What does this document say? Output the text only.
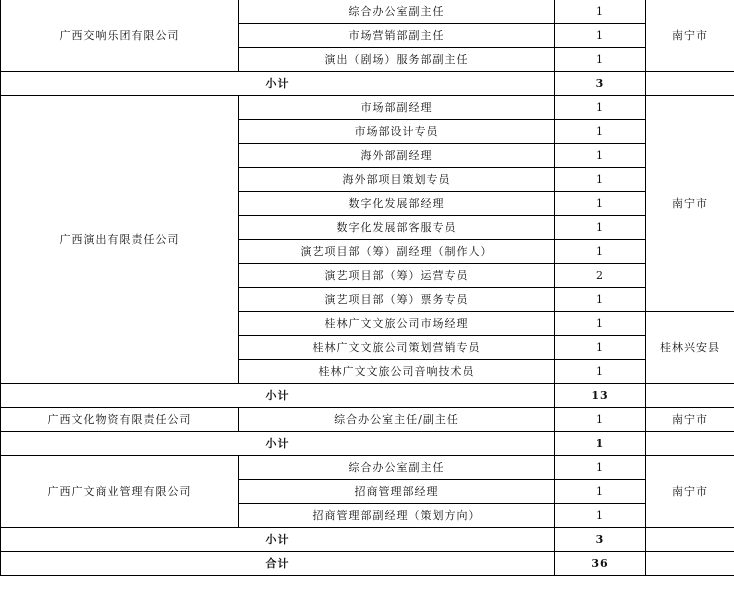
广西交响乐团有限公司	综合办公室副主任	1	南宁市
	市场营销部副主任	1	
	演出（剧场）服务部副主任	1	
小计		3	
广西演出有限责任公司	市场部副经理	1	南宁市
	市场部设计专员	1	
	海外部副经理	1	
	海外部项目策划专员	1	
	数字化发展部经理	1	
	数字化发展部客服专员	1	
	演艺项目部（筹）副经理（制作人）	1	
	演艺项目部（筹）运营专员	2	
	演艺项目部（筹）票务专员	1	
	桂林广文文旅公司市场经理	1	桂林兴安县
	桂林广文文旅公司策划营销专员	1	
	桂林广文文旅公司音响技术员	1	
小计		13	
广西文化物资有限责任公司	综合办公室主任/副主任	1	南宁市
小计		1	
广西广文商业管理有限公司	综合办公室副主任	1	南宁市
	招商管理部经理	1	
	招商管理部副经理（策划方向）	1	
小计		3	
合计		36	
